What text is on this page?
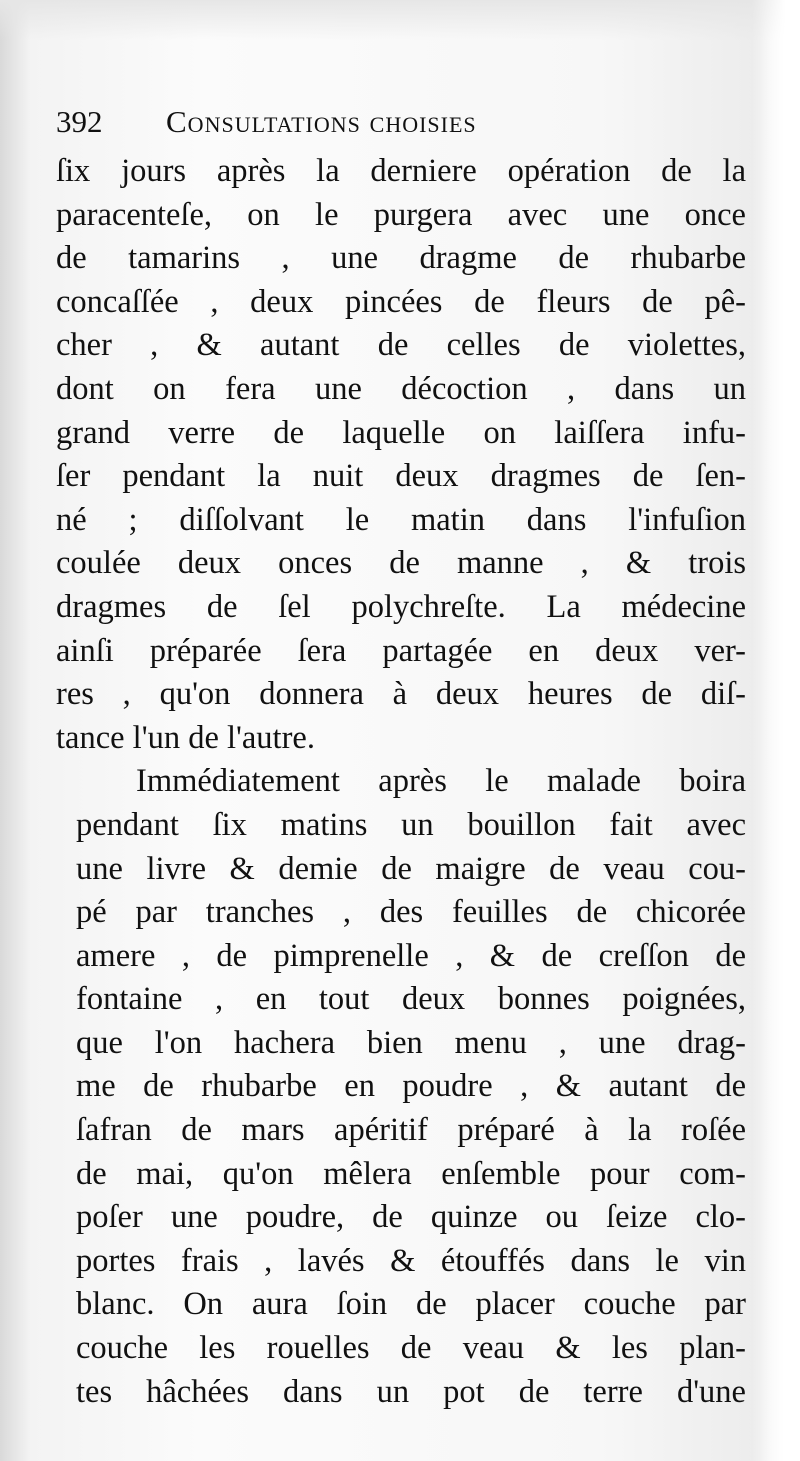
392 Consultations choisies
ſix jours après la derniere opération de la
paracenteſe, on le purgera avec une once
de tamarins , une dragme de rhubarbe
concaſſée , deux pincées de fleurs de pê-
cher , & autant de celles de violettes,
dont on fera une décoction , dans un
grand verre de laquelle on laiſſera infu-
ſer pendant la nuit deux dragmes de ſen-
né ; diſſolvant le matin dans l'infuſion
coulée deux onces de manne , & trois
dragmes de ſel polychreſte. La médecine
ainſi préparée ſera partagée en deux ver-
res , qu'on donnera à deux heures de diſ-
tance l'un de l'autre.
Immédiatement après le malade boira
pendant ſix matins un bouillon fait avec
une livre & demie de maigre de veau cou-
pé par tranches , des feuilles de chicorée
amere , de pimprenelle , & de creſſon de
fontaine , en tout deux bonnes poignées,
que l'on hachera bien menu , une drag-
me de rhubarbe en poudre , & autant de
ſafran de mars apéritif préparé à la roſée
de mai, qu'on mêlera enſemble pour com-
poſer une poudre, de quinze ou ſeize clo-
portes frais , lavés & étouffés dans le vin
blanc. On aura ſoin de placer couche par
couche les rouelles de veau & les plan-
tes hâchées dans un pot de terre d'une
